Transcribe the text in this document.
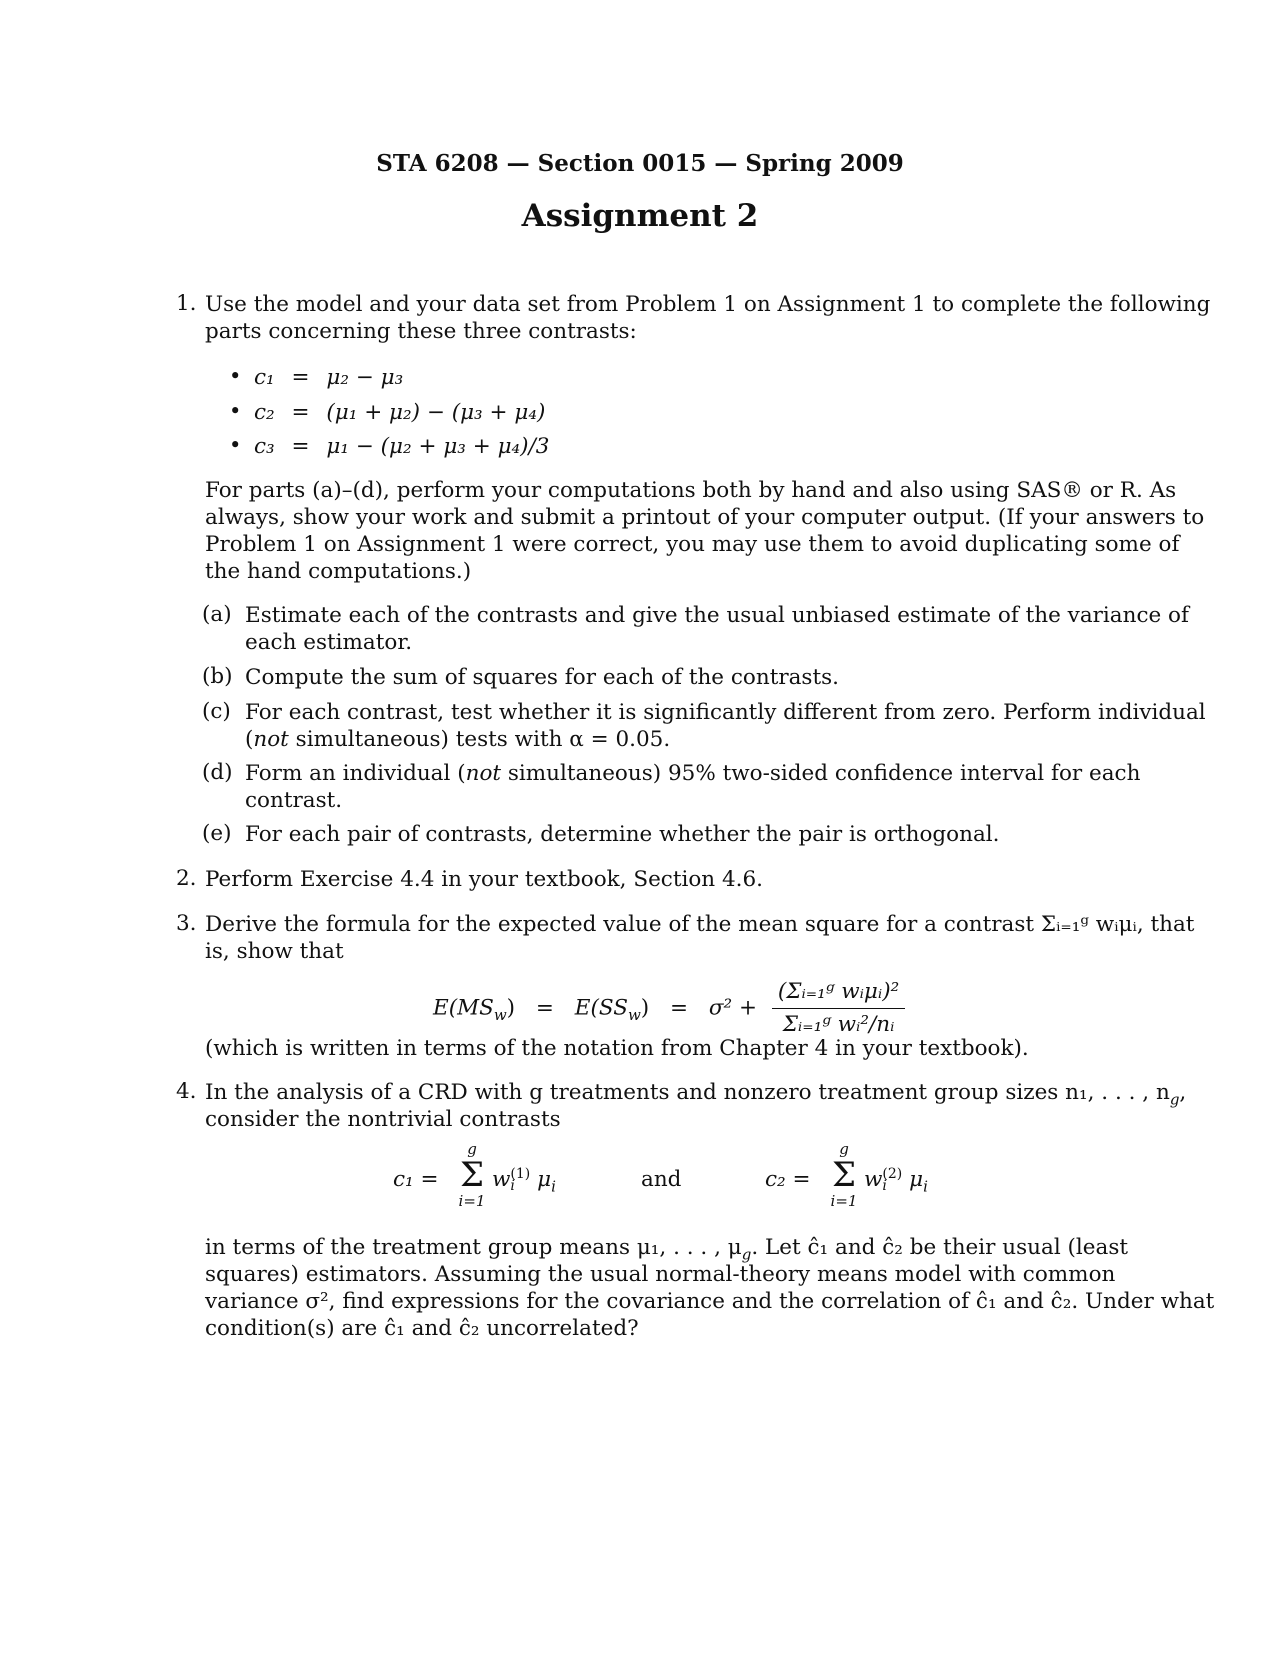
STA 6208 — Section 0015 — Spring 2009
Assignment 2
1. Use the model and your data set from Problem 1 on Assignment 1 to complete the following
parts concerning these three contrasts:
• c₁ = μ₂ − μ₃
• c₂ = (μ₁ + μ₂) − (μ₃ + μ₄)
• c₃ = μ₁ − (μ₂ + μ₃ + μ₄)/3
For parts (a)–(d), perform your computations both by hand and also using SAS® or R. As
always, show your work and submit a printout of your computer output. (If your answers to
Problem 1 on Assignment 1 were correct, you may use them to avoid duplicating some of
the hand computations.)
(a) Estimate each of the contrasts and give the usual unbiased estimate of the variance of
each estimator.
(b) Compute the sum of squares for each of the contrasts.
(c) For each contrast, test whether it is significantly different from zero. Perform individual
(not simultaneous) tests with α = 0.05.
(d) Form an individual (not simultaneous) 95% two-sided confidence interval for each
contrast.
(e) For each pair of contrasts, determine whether the pair is orthogonal.
2. Perform Exercise 4.4 in your textbook, Section 4.6.
3. Derive the formula for the expected value of the mean square for a contrast Σᵢ₌₁ᵍ wᵢμᵢ, that
is, show that
$E(MS_w) = E(SS_w) = \sigma^2 + \frac{\text{(Σᵢ₌₁ᵍ wᵢμᵢ)²}}{\text{Σᵢ₌₁ᵍ wᵢ²/nᵢ}}$
(which is written in terms of the notation from Chapter 4 in your textbook).
4. In the analysis of a CRD with g treatments and nonzero treatment group sizes n₁, . . . , $n_g$,
consider the nontrivial contrasts
c₁ =
g
Σ
i=1
w (1)
i	$\mu_i$	and	c₂ =
g
Σ
i=1
w (2)
i	$\mu_i$
in terms of the treatment group means μ₁, . . . , $\mu_g$. Let ĉ₁ and ĉ₂ be their usual (least
squares) estimators. Assuming the usual normal-theory means model with common
variance σ², find expressions for the covariance and the correlation of ĉ₁ and ĉ₂. Under what
condition(s) are ĉ₁ and ĉ₂ uncorrelated?
